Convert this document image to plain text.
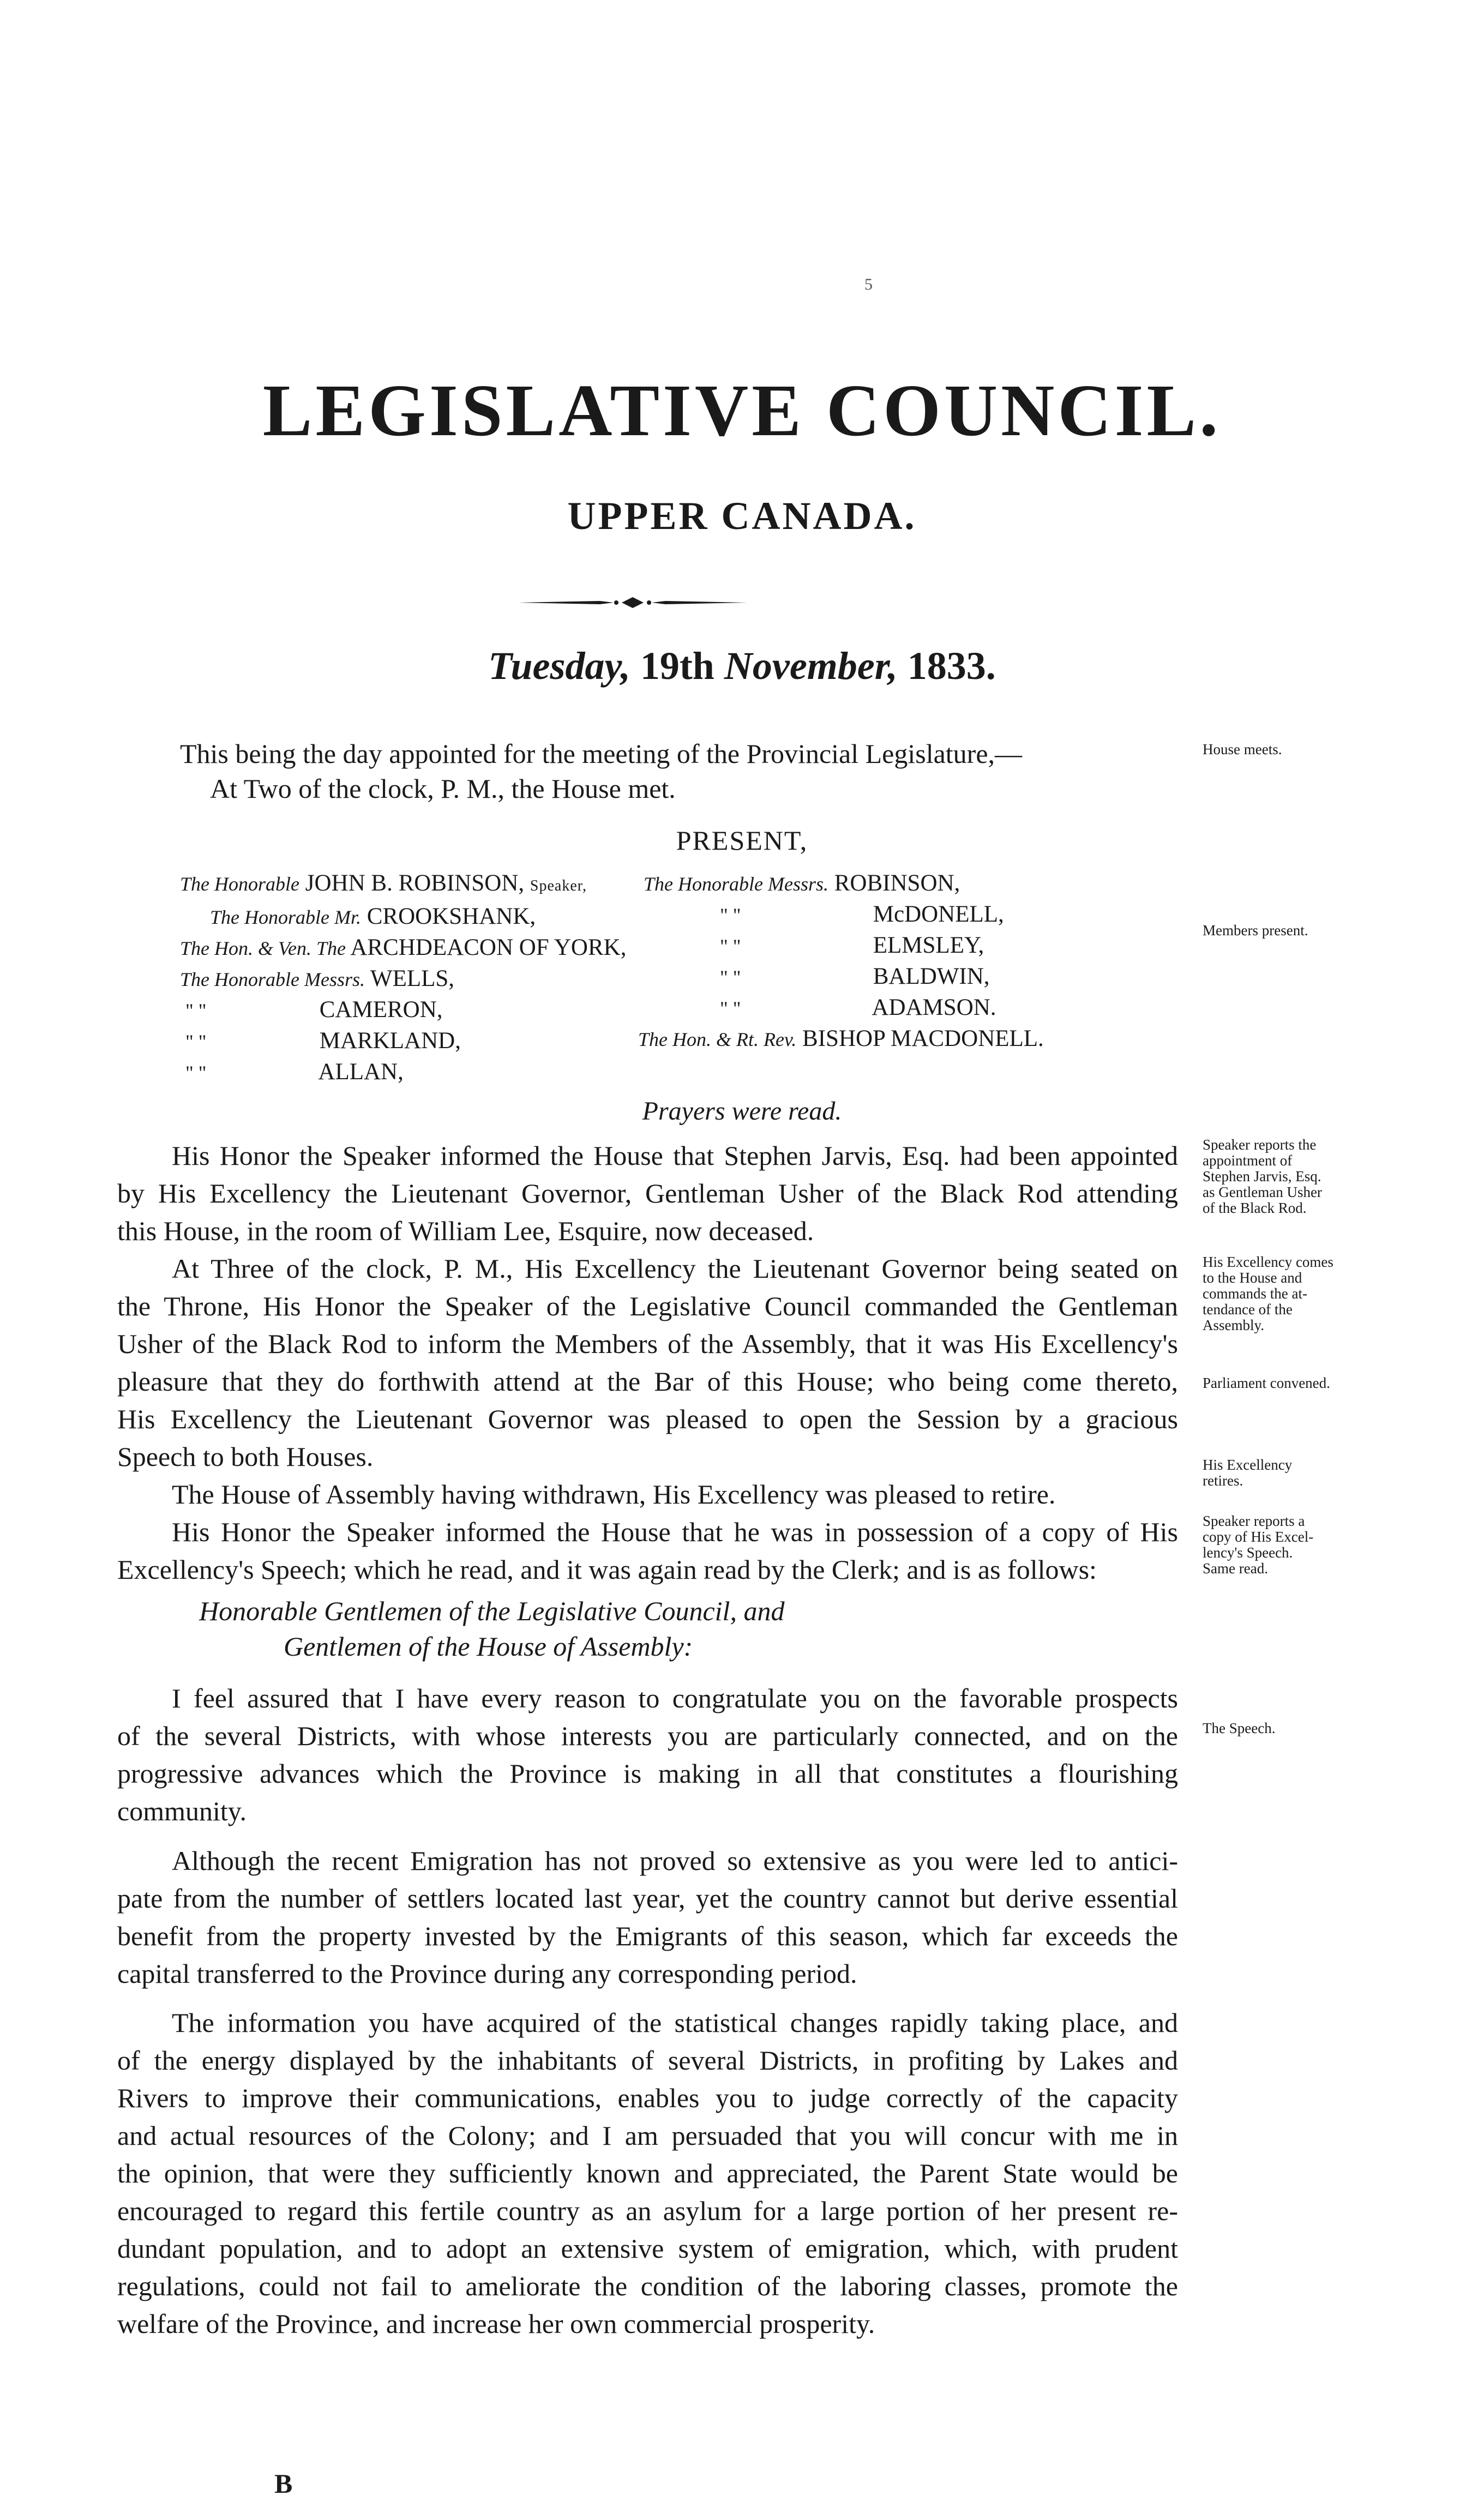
5
LEGISLATIVE COUNCIL.
UPPER CANADA.
Tuesday, 19th November, 1833.
This being the day appointed for the meeting of the Provincial Legislature,—
At Two of the clock, P. M., the House met.
PRESENT,
The Honorable JOHN B. ROBINSON, Speaker,
The Honorable Mr. CROOKSHANK,
The Hon. & Ven. The ARCHDEACON OF YORK,
The Honorable Messrs. WELLS,
" "	CAMERON,
" "	MARKLAND,
" "	ALLAN,
The Honorable Messrs. ROBINSON,
" "	McDONELL,
" "	ELMSLEY,
" "	BALDWIN,
" "	ADAMSON.
The Hon. & Rt. Rev. BISHOP MACDONELL.
Prayers were read.
His Honor the Speaker informed the House that Stephen Jarvis, Esq. had been appointed
by His Excellency the Lieutenant Governor, Gentleman Usher of the Black Rod attending
this House, in the room of William Lee, Esquire, now deceased.
At Three of the clock, P. M., His Excellency the Lieutenant Governor being seated on
the Throne, His Honor the Speaker of the Legislative Council commanded the Gentleman
Usher of the Black Rod to inform the Members of the Assembly, that it was His Excellency's
pleasure that they do forthwith attend at the Bar of this House; who being come thereto,
His Excellency the Lieutenant Governor was pleased to open the Session by a gracious
Speech to both Houses.
The House of Assembly having withdrawn, His Excellency was pleased to retire.
His Honor the Speaker informed the House that he was in possession of a copy of His
Excellency's Speech; which he read, and it was again read by the Clerk; and is as follows:
Honorable Gentlemen of the Legislative Council, and
Gentlemen of the House of Assembly:
I feel assured that I have every reason to congratulate you on the favorable prospects
of the several Districts, with whose interests you are particularly connected, and on the
progressive advances which the Province is making in all that constitutes a flourishing
community.
Although the recent Emigration has not proved so extensive as you were led to antici-
pate from the number of settlers located last year, yet the country cannot but derive essential
benefit from the property invested by the Emigrants of this season, which far exceeds the
capital transferred to the Province during any corresponding period.
The information you have acquired of the statistical changes rapidly taking place, and
of the energy displayed by the inhabitants of several Districts, in profiting by Lakes and
Rivers to improve their communications, enables you to judge correctly of the capacity
and actual resources of the Colony; and I am persuaded that you will concur with me in
the opinion, that were they sufficiently known and appreciated, the Parent State would be
encouraged to regard this fertile country as an asylum for a large portion of her present re-
dundant population, and to adopt an extensive system of emigration, which, with prudent
regulations, could not fail to ameliorate the condition of the laboring classes, promote the
welfare of the Province, and increase her own commercial prosperity.
B
House meets.
Members present.
Speaker reports the
appointment of
Stephen Jarvis, Esq.
as Gentleman Usher
of the Black Rod.
His Excellency comes
to the House and
commands the at-
tendance of the
Assembly.
Parliament convened.
His Excellency
retires.
Speaker reports a
copy of His Excel-
lency's Speech.
Same read.
The Speech.
